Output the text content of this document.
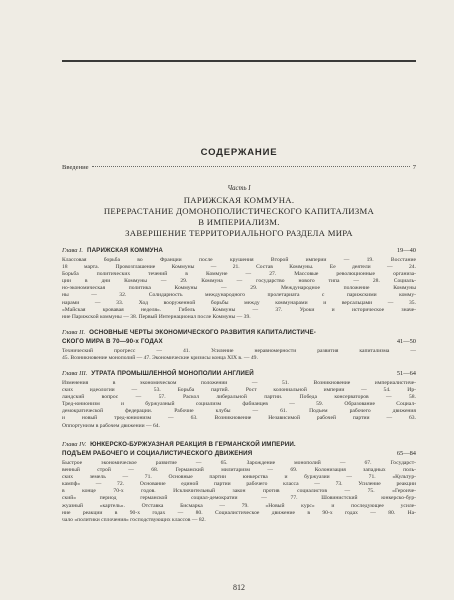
СОДЕРЖАНИЕ
Введение	7
Часть I
ПАРИЖСКАЯ КОММУНА.
ПЕРЕРАСТАНИЕ ДОМОНОПОЛИСТИЧЕСКОГО КАПИТАЛИЗМА
В ИМПЕРИАЛИЗМ.
ЗАВЕРШЕНИЕ ТЕРРИТОРИАЛЬНОГО РАЗДЕЛА МИРА
Глава I.
ПАРИЖСКАЯ КОММУНА	19—40
Классовая борьба во Франции после крушения Второй империи — 19. Восстание
18 марта. Провозглашение Коммуны — 21. Состав Коммуны. Ее деятели — 24.
Борьба политических течений в Коммуне — 27. Массовые революционные организа-
ции в дни Коммуны — 29. Коммуна — государство нового типа — 28. Социаль-
но-экономическая политика Коммуны — 29. Международное положение Коммуны
ны — 32. Солидарность международного пролетариата с парижскими комму-
нарами — 33. Ход вооруженной борьбы между коммунарами и версальцами — 35.
«Майская кровавая неделя». Гибель Коммуны — 37. Уроки и историческое значе-
ние Парижской коммуны — 38. Первый Интернационал после Коммуны — 39.
Глава II.
ОСНОВНЫЕ ЧЕРТЫ ЭКОНОМИЧЕСКОГО РАЗВИТИЯ КАПИТАЛИСТИЧЕ-
СКОГО МИРА В 70—90-х ГОДАХ	41—50
Технический прогресс — 41. Усиление неравномерности развития капитализма —
45. Возникновение монополий — 47. Экономические кризисы конца XIX в. — 49.
Глава III.
УТРАТА ПРОМЫШЛЕННОЙ МОНОПОЛИИ АНГЛИЕЙ	51—64
Изменения в экономическом положении — 51. Возникновение империалистиче-
ских идеологии — 53. Борьба партий. Рост колониальной империи — 54. Ир-
ландский вопрос — 57. Раскол либеральной партии. Победа консерваторов — 58.
Тред-юнионизм и буржуазный социализм фабианцев — 59. Образование Социал-
демократической федерации. Рабочие клубы — 61. Подъем рабочего движения
и новый тред-юнионизм — 63. Возникновение Независимой рабочей партии — 63.
Оппортунизм в рабочем движении — 64.
Глава IV.
ЮНКЕРСКО-БУРЖУАЗНАЯ РЕАКЦИЯ В ГЕРМАНСКОЙ ИМПЕРИИ.
ПОДЪЕМ РАБОЧЕГО И СОЦИАЛИСТИЧЕСКОГО ДВИЖЕНИЯ	65—84
Быстрое экономическое развитие — 65. Зарождение монополий — 67. Государст-
венный строй — 68. Германский милитаризм — 69. Колонизация западных поль-
ских земель — 71. Основные партии юнкерства и буржуазии — 71. «Культур-
кампф» — 72. Основание единой партии рабочего класса — 73. Усиление реакции
в конце 70-х годов. Исключительный закон против социалистов — 75. «Героиче-
ский» период германской социал-демократии — 77. Шовинистский юнкерско-бур-
жуазный «картель». Отставка Бисмарка — 79. «Новый курс» и последующее усиле-
ние реакции в 90-х годах — 80. Социалистическое движение в 90-х годах — 80. На-
чало «политики сплочения» господствующих классов — 82.
812
